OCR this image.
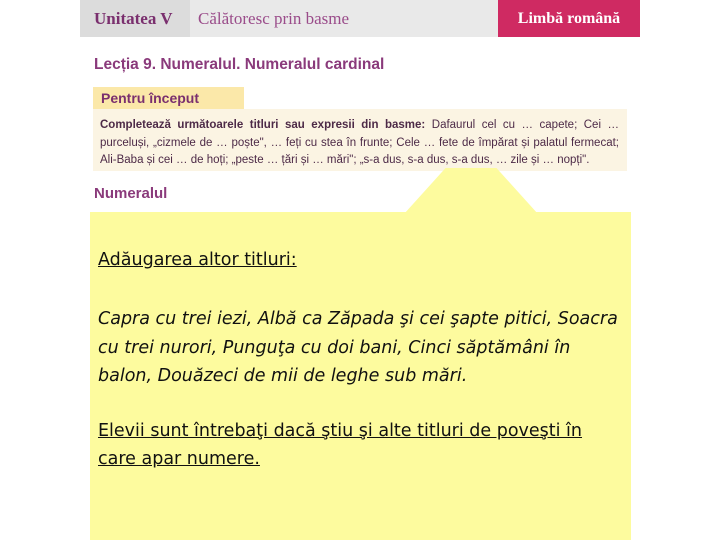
Unitatea V	Călătoresc prin basme	Limbă română
Lecția 9. Numeralul. Numeralul cardinal
Pentru început
Completează următoarele titluri sau expresii din basme: Dafaurul cel cu … capete; Cei … purceluși, „cizmele de … poște", … feți cu stea în frunte; Cele … fete de împărat și palatul fermecat; Ali-Baba și cei … de hoți; „peste … țări și … mări"; „s-a dus, s-a dus, s-a dus, … zile și … nopți".
Numeralul
Adăugarea altor titluri:
Capra cu trei iezi, Albă ca Zăpada şi cei şapte pitici, Soacra cu trei nurori, Punguţa cu doi bani, Cinci săptămâni în balon, Douăzeci de mii de leghe sub mări.
Elevii sunt întrebaţi dacă ştiu şi alte titluri de poveşti în care apar numere.
